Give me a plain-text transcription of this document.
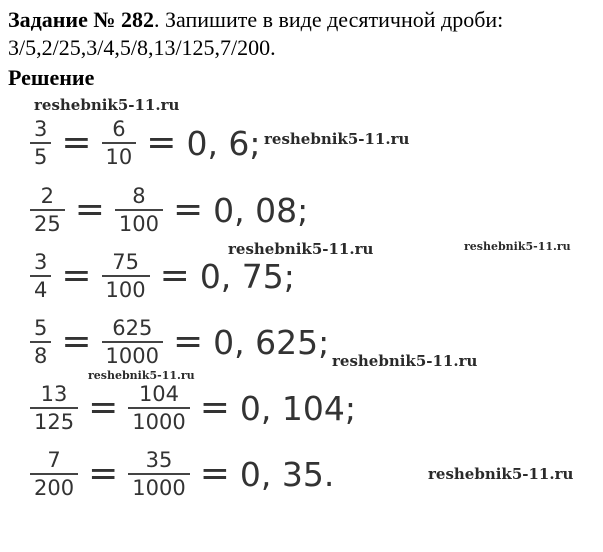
Задание № 282. Запишите в виде десятичной дроби: 3/5,2/25,3/4,5/8,13/125,7/200.
Решение
reshebnik5-11.ru
reshebnik5-11.ru
reshebnik5-11.ru	reshebnik5-11.ru
reshebnik5-11.ru
reshebnik5-11.ru
reshebnik5-11.ru
$\frac{3}{5} = \frac{6}{10} = 0$, 6;
$\frac{2}{25} = \frac{8}{100} = 0$, 08;
$\frac{3}{4} = \frac{75}{100} = 0$, 75;
$\frac{5}{8} = \frac{625}{1000} = 0$, 625;
$\frac{13}{125} = \frac{104}{1000} = 0$, 104;
$\frac{7}{200} = \frac{35}{1000} = 0$, 35.
